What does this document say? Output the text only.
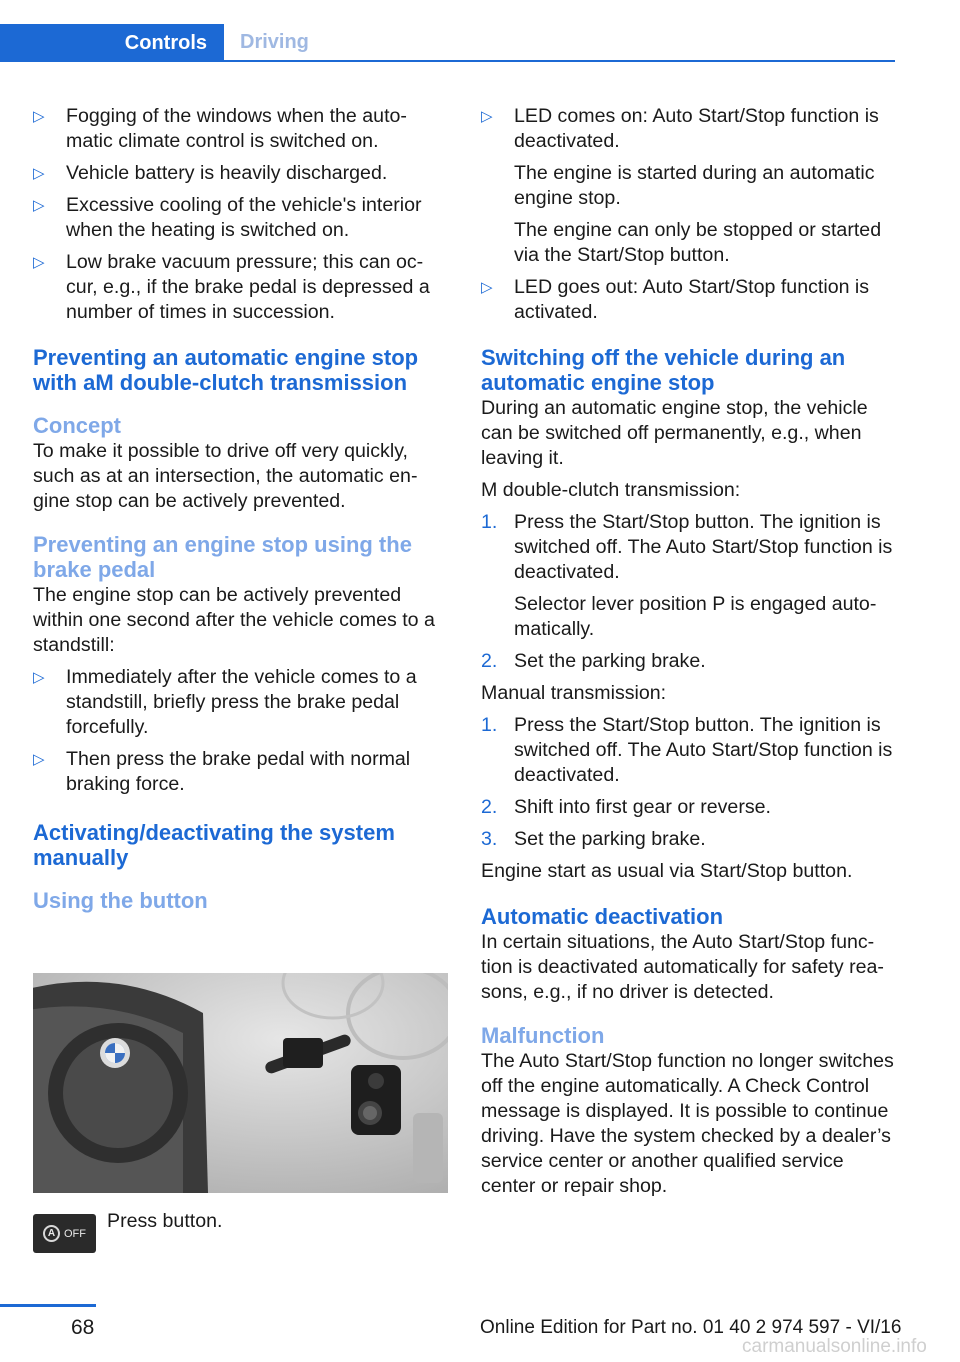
Controls	Driving
▷	Fogging of the windows when the auto‐matic climate control is switched on.
▷	Vehicle battery is heavily discharged.
▷	Excessive cooling of the vehicle's interior when the heating is switched on.
▷	Low brake vacuum pressure; this can oc‐cur, e.g., if the brake pedal is depressed a number of times in succession.
Preventing an automatic engine stop with aM double-clutch transmission
Concept

To make it possible to drive off very quickly, such as at an intersection, the automatic en‐gine stop can be actively prevented.

Preventing an engine stop using the brake pedal

The engine stop can be actively prevented within one second after the vehicle comes to a standstill:

▷	Immediately after the vehicle comes to a standstill, briefly press the brake pedal forcefully.
▷	Then press the brake pedal with normal braking force.
Activating/deactivating the system manually
Using the button
A OFF
Press button.
▷	LED comes on: Auto Start/Stop function is deactivated.

The engine is started during an automatic engine stop.

The engine can only be stopped or started via the Start/Stop button.

▷	LED goes out: Auto Start/Stop function is activated.
Switching off the vehicle during an automatic engine stop

During an automatic engine stop, the vehicle can be switched off permanently, e.g., when leaving it.

M double-clutch transmission:

1. Press the Start/Stop button. The ignition is switched off. The Auto Start/Stop function is deactivated.

Selector lever position P is engaged auto‐matically.

2. Set the parking brake.

Manual transmission:

1. Press the Start/Stop button. The ignition is switched off. The Auto Start/Stop function is deactivated.
2. Shift into first gear or reverse.
3. Set the parking brake.

Engine start as usual via Start/Stop button.

Automatic deactivation

In certain situations, the Auto Start/Stop func‐tion is deactivated automatically for safety rea‐sons, e.g., if no driver is detected.

Malfunction

The Auto Start/Stop function no longer switches off the engine automatically. A Check Control message is displayed. It is possible to continue driving. Have the system checked by a dealer’s service center or another qualified service center or repair shop.

68	Online Edition for Part no. 01 40 2 974 597 - VI/16
carmanualsonline.info
